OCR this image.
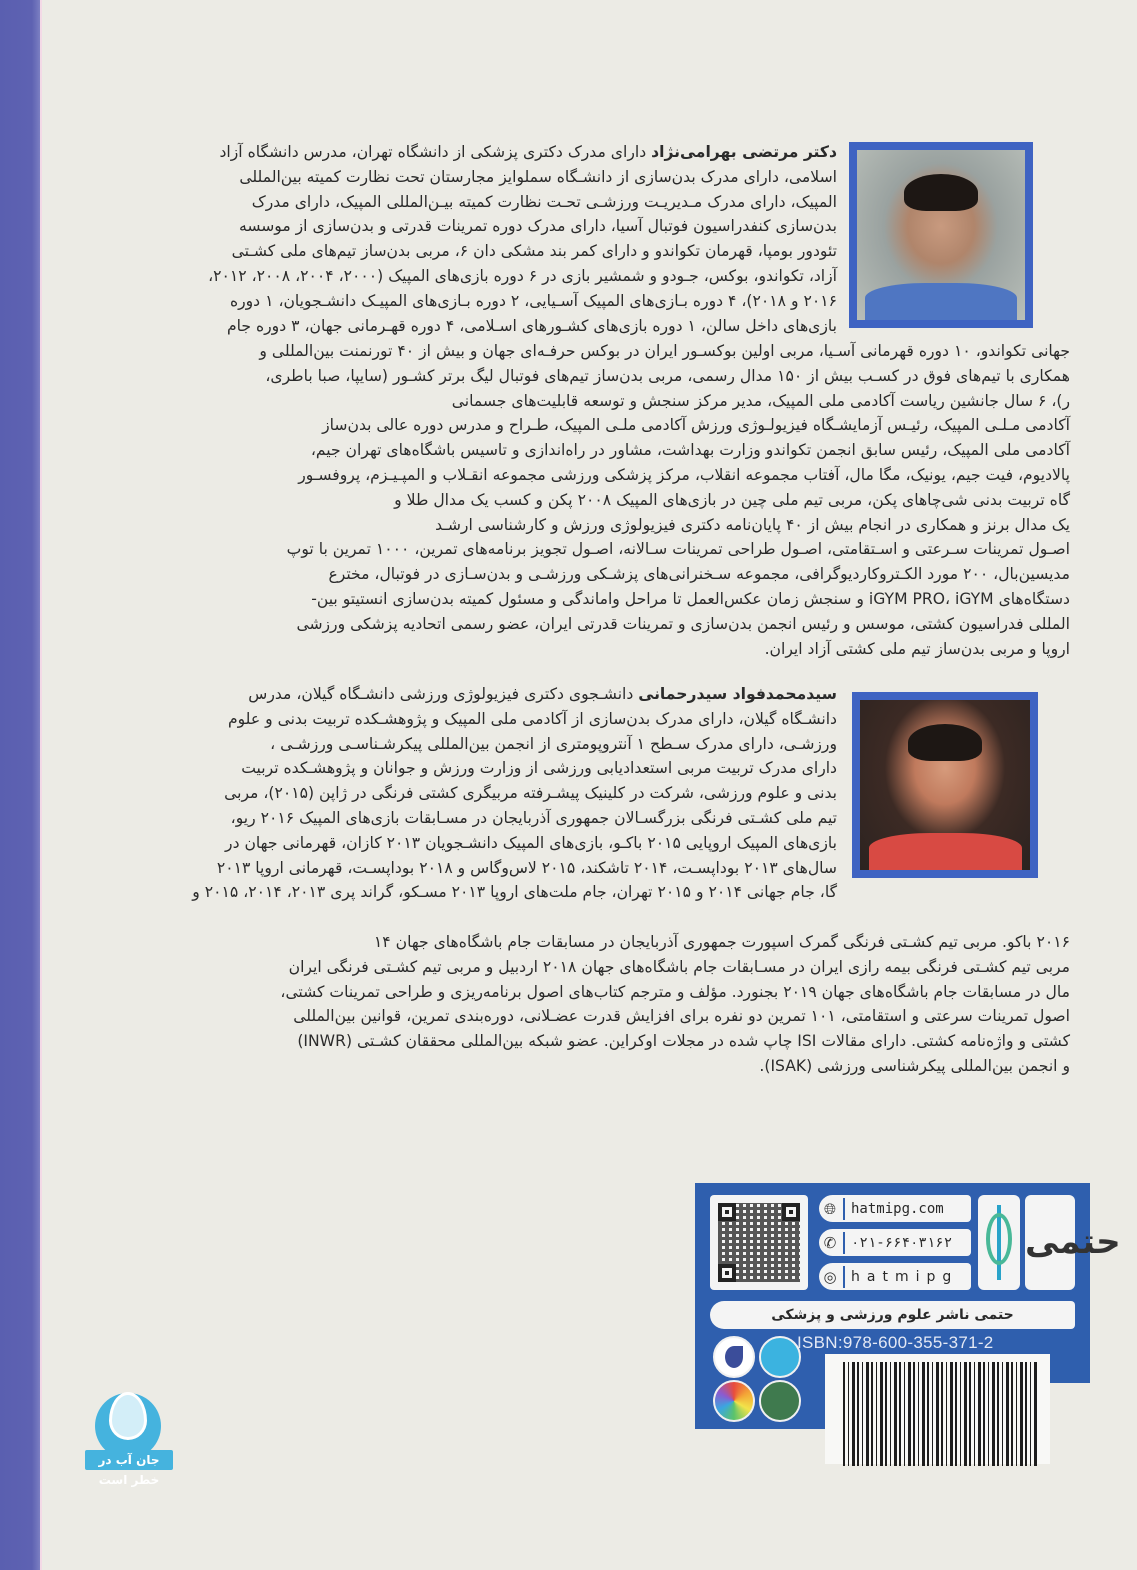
دکتر مرتضی بهرامی‌نژاد دارای مدرک دکتری پزشکی از دانشگاه تهران، مدرس دانشگاه آزاد

اسلامی، دارای مدرک بدن‌سازی از دانشـگاه سملوایز مجارستان تحت نظارت کمیته بین‌المللی

المپیک، دارای مدرک مـدیریـت ورزشـی تحـت نظارت کمیته بیـن‌المللی المپیک، دارای مدرک

بدن‌سازی کنفدراسیون فوتبال آسیا، دارای مدرک دوره تمرینات قدرتی و بدن‌سازی از موسسه

تئودور بومپا، قهرمان تکواندو و دارای کمر بند مشکی دان ۶، مربی بدن‌ساز تیم‌های ملی کشـتی

آزاد، تکواندو، بوکس، جـودو و شمشیر بازی در ۶ دوره بازی‌های المپیک (۲۰۰۰، ۲۰۰۴، ۲۰۰۸، ۲۰۱۲،

۲۰۱۶ و ۲۰۱۸)، ۴ دوره بـازی‌های المپیک آسـیایی، ۲ دوره بـازی‌های المپیـک دانشـجویان، ۱ دوره

بازی‌های داخل سالن، ۱ دوره بازی‌های کشـورهای اسـلامی، ۴ دوره قهـرمانی جهان، ۳ دوره جام

جهانی تکواندو، ۱۰ دوره قهرمانی آسـیا، مربی اولین بوکسـور ایران در بوکس حرفـه‌ای جهان و بیش از ۴۰ تورنمنت بین‌المللی و

همکاری با تیم‌های فوق در کسـب بیش از ۱۵۰ مدال رسمی، مربی بدن‌ساز تیم‌های فوتبال لیگ برتر کشـور (سایپا، صبا باطری،

ر)، ۶ سال جانشین ریاست آکادمی ملی المپیک، مدیر مرکز سنجش و توسعه قابلیت‌های جسمانی

آکادمی مـلـی المپیک، رئیـس آزمایشـگاه فیزیولـوژی ورزش آکادمی ملـی المپیک، طـراح و مدرس دوره عالی بدن‌ساز

آکادمی ملی المپیک، رئیس سابق انجمن تکواندو وزارت بهداشت، مشاور در راه‌اندازی و تاسیس باشگاه‌های تهران جیم،

پالادیوم، فیت جیم، یونیک، مگا مال، آفتاب مجموعه انقلاب، مرکز پزشکی ورزشی مجموعه انقـلاب و المپـیـزم، پروفسـور

گاه تربیت بدنی شی‌چاهای پکن، مربی تیم ملی چین در بازی‌های المپیک ۲۰۰۸ پکن و کسب یک مدال طلا و

یک مدال برنز و همکاری در انجام بیش از ۴۰ پایان‌نامه دکتری فیزیولوژی ورزش و کارشناسی ارشـد

اصـول تمرینات سـرعتی و اسـتقامتی، اصـول طراحی تمرینات سـالانه، اصـول تجویز برنامه‌های تمرین، ۱۰۰۰ تمرین با توپ

مدیسین‌بال، ۲۰۰ مورد الکـتروکاردیوگرافی، مجموعه سـخنرانی‌های پزشـکی ورزشـی و بدن‌سـازی در فوتبال، مخترع

دستگاه‌های iGYM PRO، iGYM و سنجش زمان عکس‌العمل تا مراحل واماندگی و مسئول کمیته بدن‌سازی انستیتو بین-

المللی فدراسیون کشتی، موسس و رئیس انجمن بدن‌سازی و تمرینات قدرتی ایران، عضو رسمی اتحادیه پزشکی ورزشی

اروپا و مربی بدن‌ساز تیم ملی کشتی آزاد ایران.

سیدمحمدفواد سیدرحمانی دانشـجوی دکتری فیزیولوژی ورزشی دانشـگاه گیلان، مدرس

دانشـگاه گیلان، دارای مدرک بدن‌سازی از آکادمی ملی المپیک و پژوهشـکده تربیت بدنی و علوم

ورزشـی، دارای مدرک سـطح ۱ آنتروپومتری از انجمن بین‌المللی پیکرشـناسـی ورزشـی ،

دارای مدرک تربیت مربی استعدادیابی ورزشی از وزارت ورزش و جوانان و پژوهشـکده تربیت

بدنی و علوم ورزشی، شرکت در کلینیک پیشـرفته مربیگری کشتی فرنگی در ژاپن (۲۰۱۵)، مربی

تیم ملی کشـتی فرنگی بزرگسـالان جمهوری آذربایجان در مسـابقات بازی‌های المپیک ۲۰۱۶ ریو،

بازی‌های المپیک اروپایی ۲۰۱۵ باکـو، بازی‌های المپیک دانشـجویان ۲۰۱۳ کازان، قهرمانی جهان در

سال‌های ۲۰۱۳ بوداپسـت، ۲۰۱۴ تاشکند، ۲۰۱۵ لاس‌وگاس و ۲۰۱۸ بوداپسـت، قهرمانی اروپا ۲۰۱۳

گا، جام جهانی ۲۰۱۴ و ۲۰۱۵ تهران، جام ملت‌های اروپا ۲۰۱۳ مسـکو، گراند پری ۲۰۱۳، ۲۰۱۴، ۲۰۱۵ و

۲۰۱۶ باکو. مربی تیم کشـتی فرنگی گمرک اسپورت جمهوری آذربایجان در مسابقات جام باشگاه‌های جهان ۱۴

مربی تیم کشـتی فرنگی بیمه رازی ایران در مسـابقات جام باشگاه‌های جهان ۲۰۱۸ اردبیل و مربی تیم کشـتی فرنگی ایران

مال در مسابقات جام باشگاه‌های جهان ۲۰۱۹ بجنورد. مؤلف و مترجم کتاب‌های اصول برنامه‌ریزی و طراحی تمرینات کشتی،

اصول تمرینات سرعتی و استقامتی، ۱۰۱ تمرین دو نفره برای افزایش قدرت عضـلانی، دوره‌بندی تمرین، قوانین بین‌المللی

کشتی و واژه‌نامه کشتی. دارای مقالات ISI چاپ شده در مجلات اوکراین. عضو شبکه بین‌المللی محققان کشـتی (INWR)

و انجمن بین‌المللی پیکرشناسی ورزشی (ISAK).

🌐︎	hatmipg.com
✆	۰۲۱-۶۶۴۰۳۱۶۲
◎	hatmipg
حتمی
حتمی ناشر علوم ورزشی و پزشکی
ISBN:978-600-355-371-2
جان آب در خطر است
